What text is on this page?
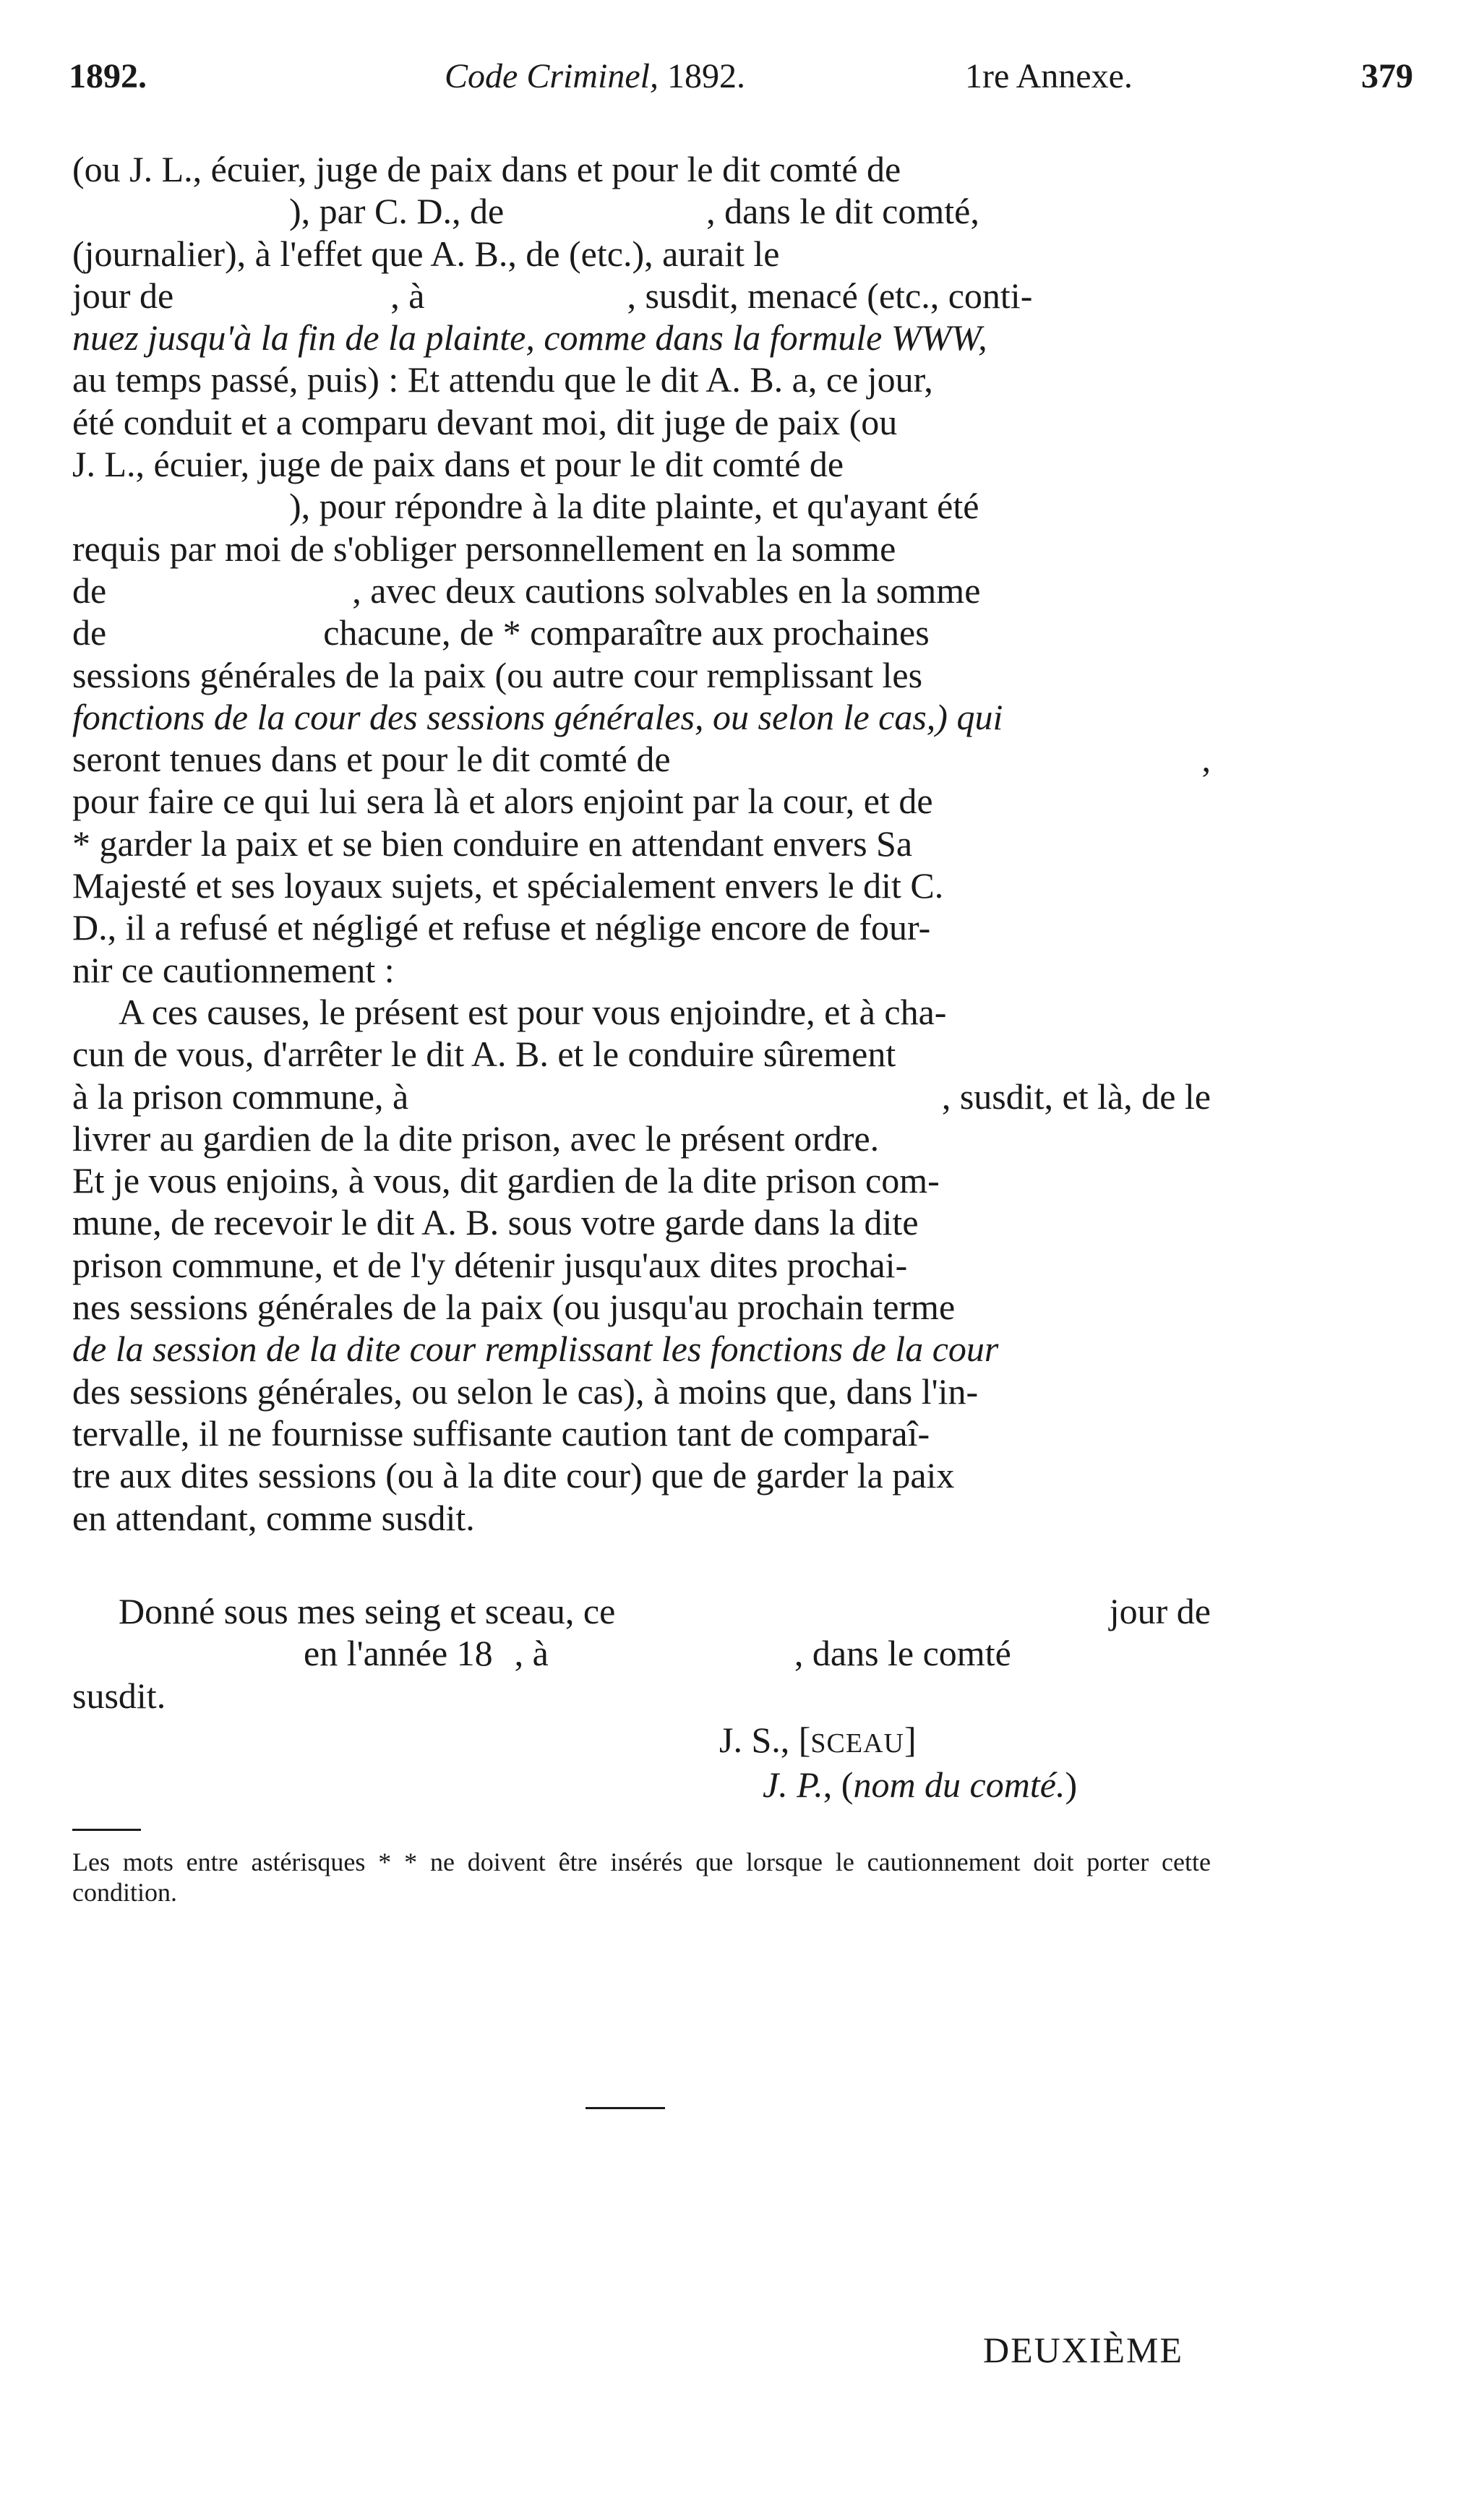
1892.	Code Criminel, 1892.	1re Annexe.	379
(ou J. L., écuier, juge de paix dans et pour le dit comté de
), par C. D., de	, dans le dit comté,
(journalier), à l'effet que A. B., de (etc.), aurait le
jour de	, à	, susdit, menacé (etc., conti-
nuez jusqu'à la fin de la plainte, comme dans la formule WWW,
au temps passé, puis) : Et attendu que le dit A. B. a, ce jour,
été conduit et a comparu devant moi, dit juge de paix (ou
J. L., écuier, juge de paix dans et pour le dit comté de
), pour répondre à la dite plainte, et qu'ayant été
requis par moi de s'obliger personnellement en la somme
de	, avec deux cautions solvables en la somme
de	chacune, de * comparaître aux prochaines
sessions générales de la paix (ou autre cour remplissant les
fonctions de la cour des sessions générales, ou selon le cas,) qui
seront tenues dans et pour le dit comté de	,
pour faire ce qui lui sera là et alors enjoint par la cour, et de
* garder la paix et se bien conduire en attendant envers Sa
Majesté et ses loyaux sujets, et spécialement envers le dit C.
D., il a refusé et négligé et refuse et néglige encore de four-
nir ce cautionnement :
A ces causes, le présent est pour vous enjoindre, et à cha-
cun de vous, d'arrêter le dit A. B. et le conduire sûrement
à la prison commune, à	, susdit, et là, de le
livrer au gardien de la dite prison, avec le présent ordre.
Et je vous enjoins, à vous, dit gardien de la dite prison com-
mune, de recevoir le dit A. B. sous votre garde dans la dite
prison commune, et de l'y détenir jusqu'aux dites prochai-
nes sessions générales de la paix (ou jusqu'au prochain terme
de la session de la dite cour remplissant les fonctions de la cour
des sessions générales, ou selon le cas), à moins que, dans l'in-
tervalle, il ne fournisse suffisante caution tant de comparaî-
tre aux dites sessions (ou à la dite cour) que de garder la paix
en attendant, comme susdit.
Donné sous mes seing et sceau, ce	jour de
en l'année 18 , à	, dans le comté
susdit.
J. S., [SCEAU]
J. P., (nom du comté.)
Les mots entre astérisques * * ne doivent être insérés que lorsque le cautionnement doit porter cette condition.
DEUXIÈME
